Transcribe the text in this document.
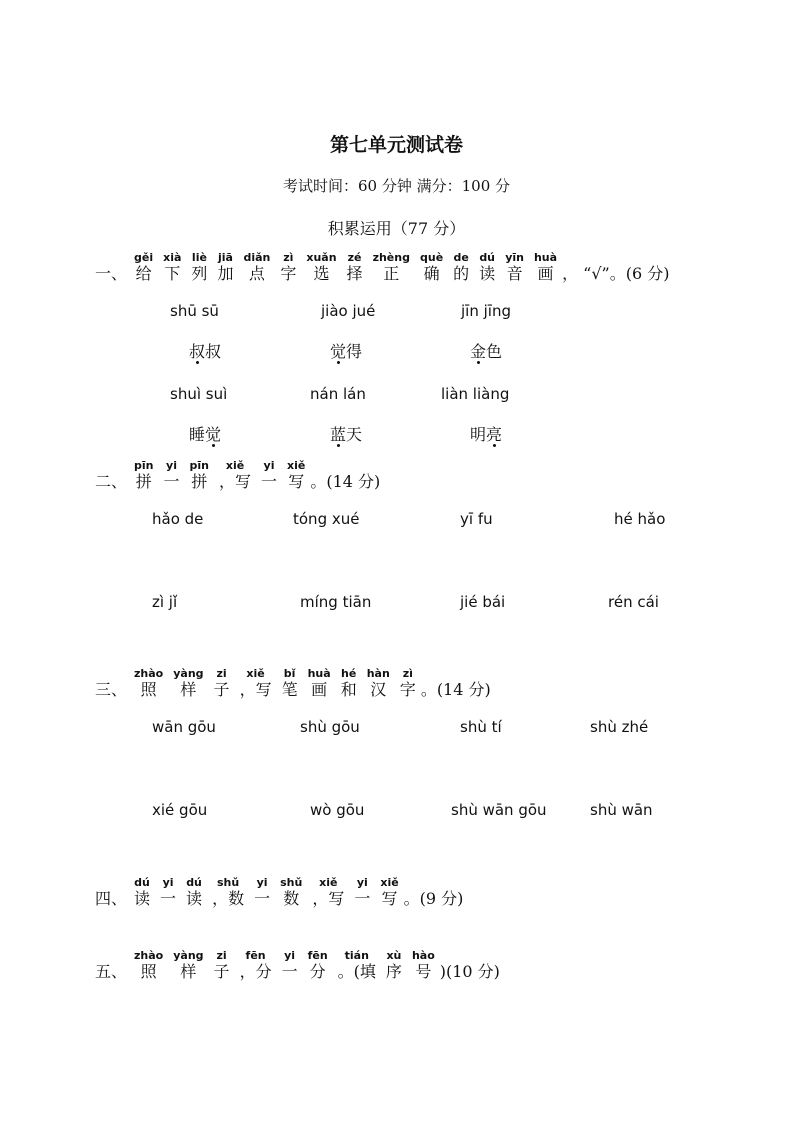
第七单元测试卷
考试时间：60 分钟 满分：100 分
积累运用（77 分）
一、
gěi
给
xià
下
liè
列
jiā
加
diǎn
点
zì
字
xuǎn
选
zé
择
zhèng
正
què
确
de
的
dú
读
yīn
音
huà
画 ， “√”。(6 分)
shū sū	jiào jué	jīn jīng
叔叔	觉得	金色
shuì suì	nán lán	liàn liàng
睡觉	蓝天	明亮
二、
pīn
拼
yi
一
pīn
拼
xiě
，写
yi
一
xiě
写 。(14 分)
hǎo de	tóng xué	yī fu	hé hǎo
zì jǐ	míng tiān	jié bái	rén cái
三、
zhào
照
yàng
样
zi
子
xiě
，写
bǐ
笔
huà
画
hé
和
hàn
汉
zì
字 。(14 分)
wān gōu	shù gōu	shù tí	shù zhé
xié gōu	wò gōu	shù wān gōu	shù wān
四、
dú
读
yi
一
dú
读
shǔ
，数
yi
一
shǔ
数
xiě
，写
yi
一
xiě
写 。(9 分)
五、
zhào
照
yàng
样
zi
子
fēn
，分
yi
一
fēn
分
tián
。(填
xù
序
hào
号 )(10 分)
